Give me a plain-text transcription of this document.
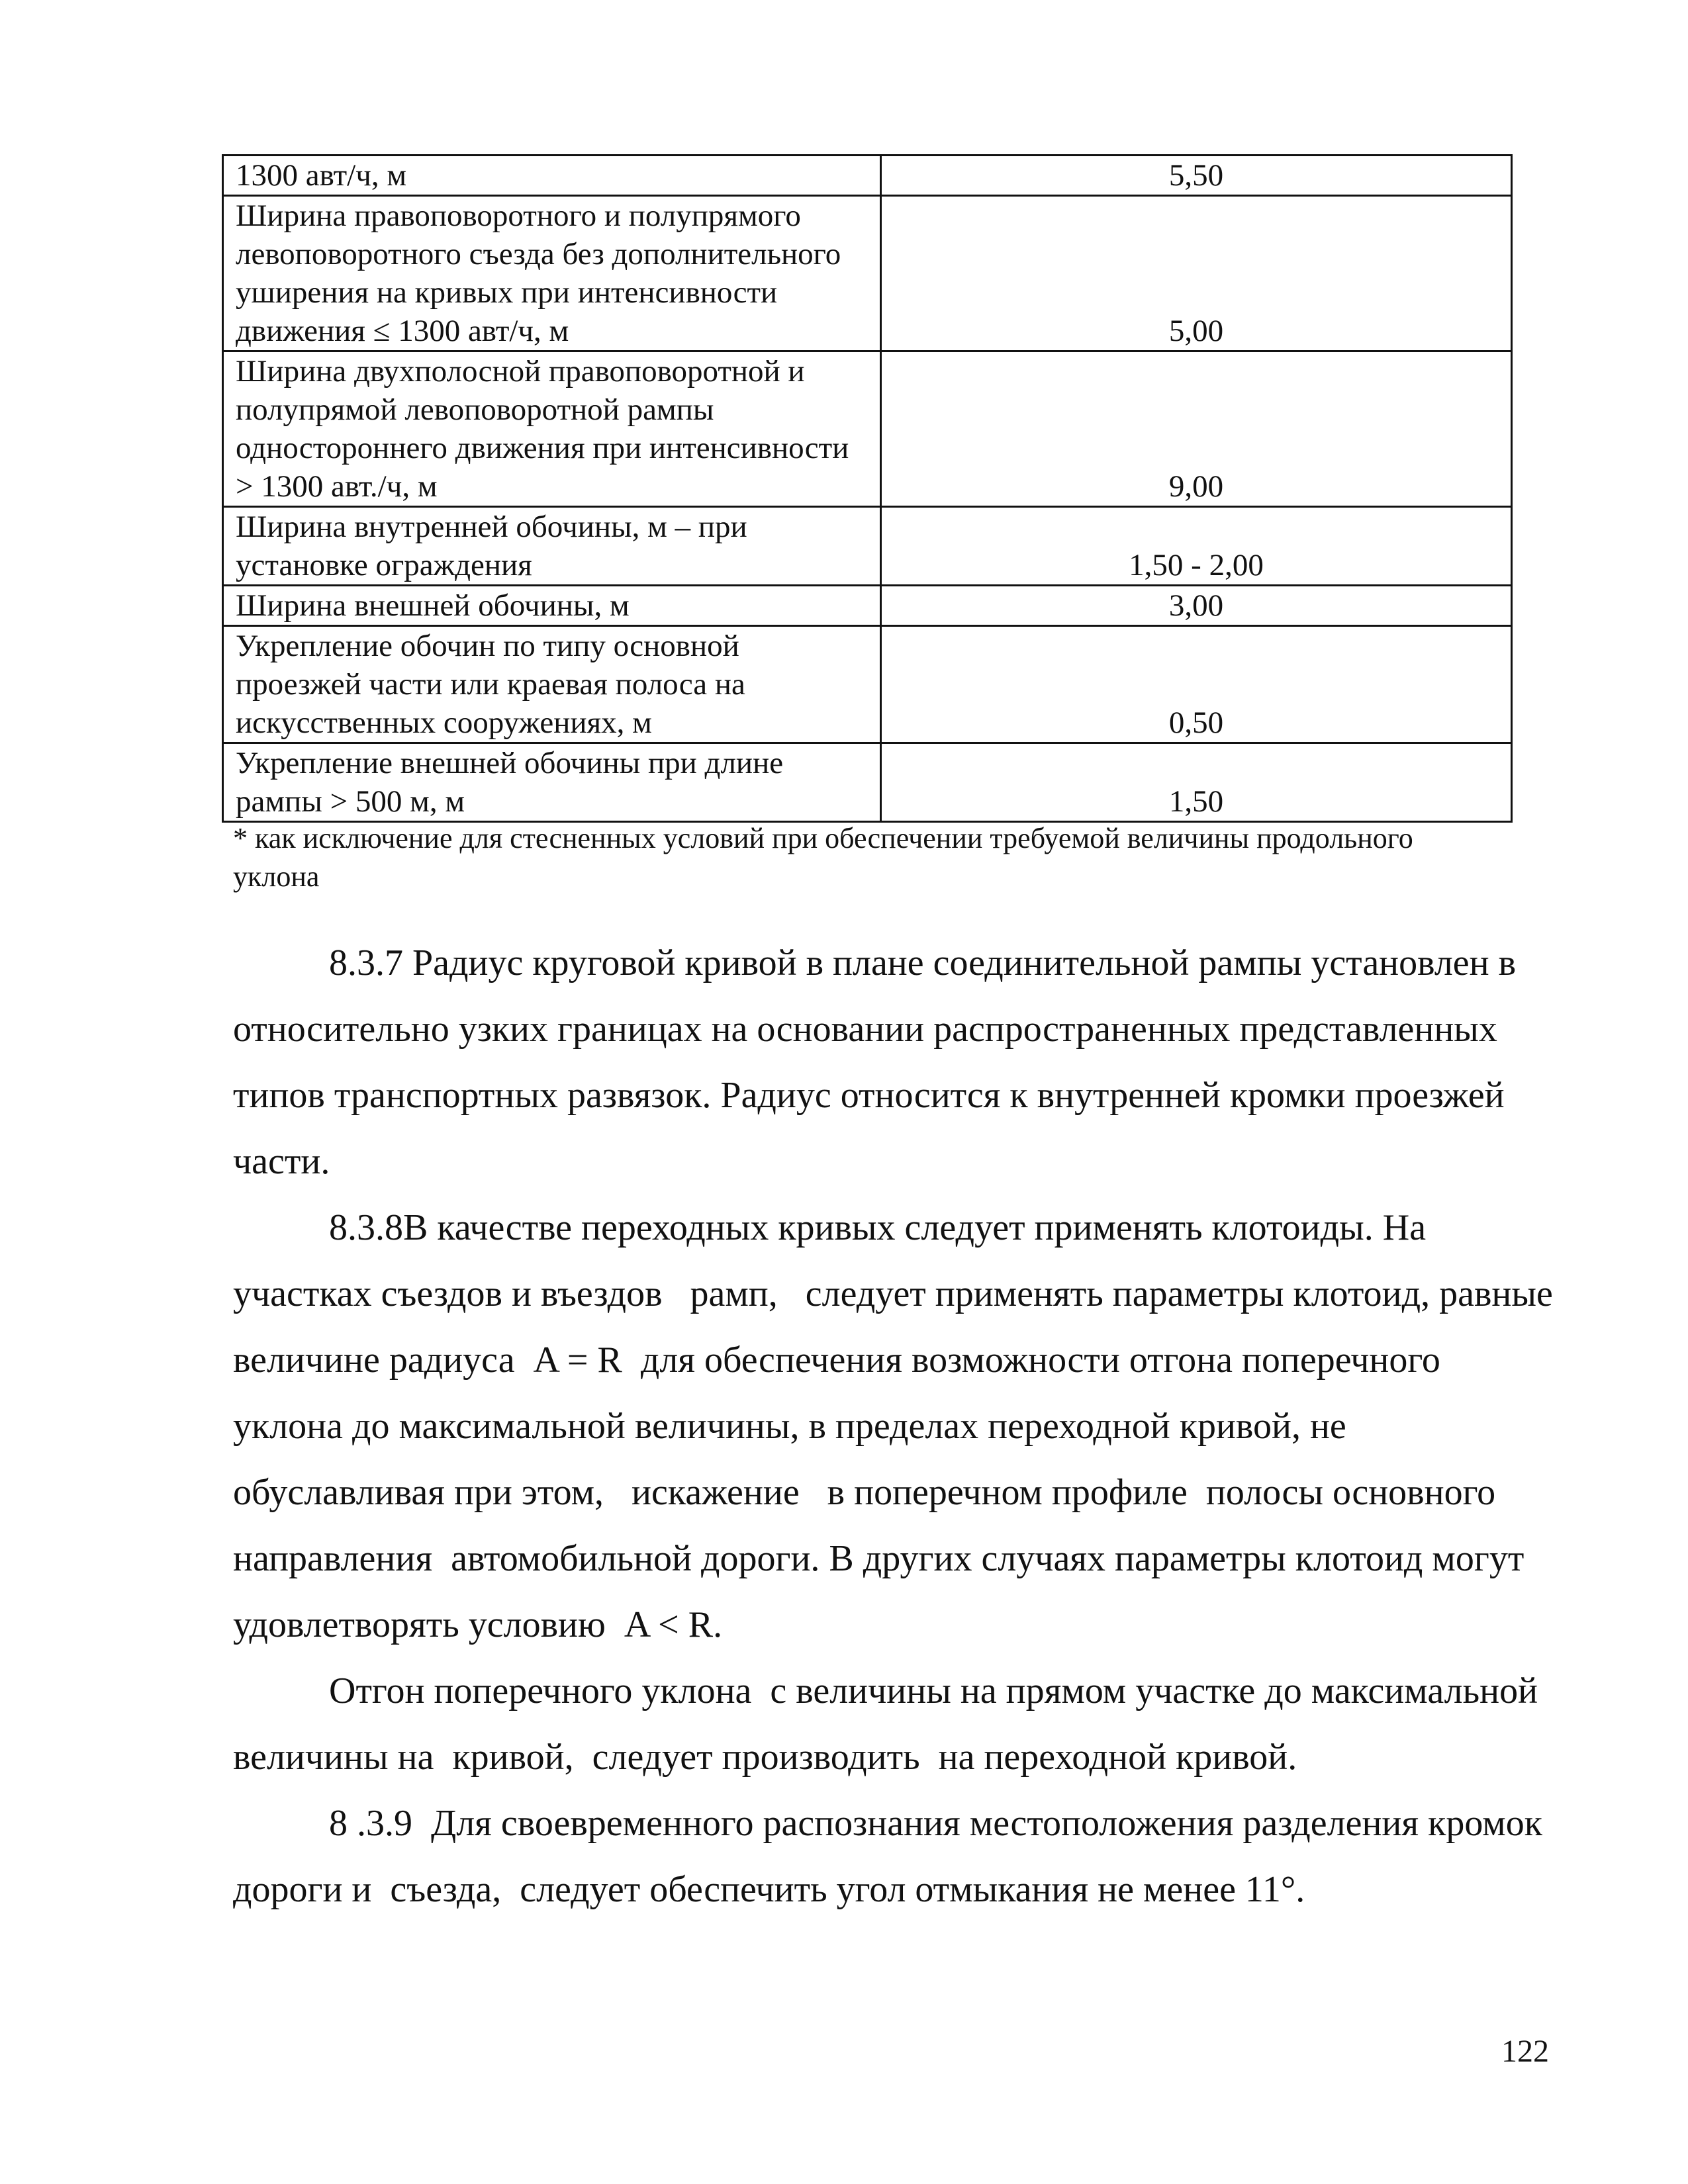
1300 авт/ч, м	5,50
Ширина правоповоротного и полупрямого левоповоротного съезда без дополнительного уширения на кривых при интенсивности движения ≤ 1300 авт/ч, м	5,00
Ширина двухполосной правоповоротной и полупрямой левоповоротной рампы одностороннего движения при интенсивности > 1300 авт./ч, м	9,00
Ширина внутренней обочины, м – при установке ограждения	1,50 - 2,00
Ширина внешней обочины, м	3,00
Укрепление обочин по типу основной проезжей части или краевая полоса на искусственных сооружениях, м	0,50
Укрепление внешней обочины при длине рампы > 500 м, м	1,50
* как исключение для стесненных условий при обеспечении требуемой величины продольного уклона

8.3.7 Радиус круговой кривой в плане соединительной рампы установлен в относительно узких границах на основании распространенных представленных типов транспортных развязок. Радиус относится к внутренней кромки проезжей части.

8.3.8В качестве переходных кривых следует применять клотоиды. На участках съездов и въездов   рамп,   следует применять параметры клотоид, равные величине радиуса  A = R  для обеспечения возможности отгона поперечного уклона до максимальной величины, в пределах переходной кривой, не обуславливая при этом,   искажение   в поперечном профиле  полосы основного направления  автомобильной дороги. В других случаях параметры клотоид могут удовлетворять условию  A < R.

Отгон поперечного уклона  с величины на прямом участке до максимальной величины на  кривой,  следует производить  на переходной кривой.

8 .3.9  Для своевременного распознания местоположения разделения кромок дороги и  съезда,  следует обеспечить угол отмыкания не менее 11°.

122
